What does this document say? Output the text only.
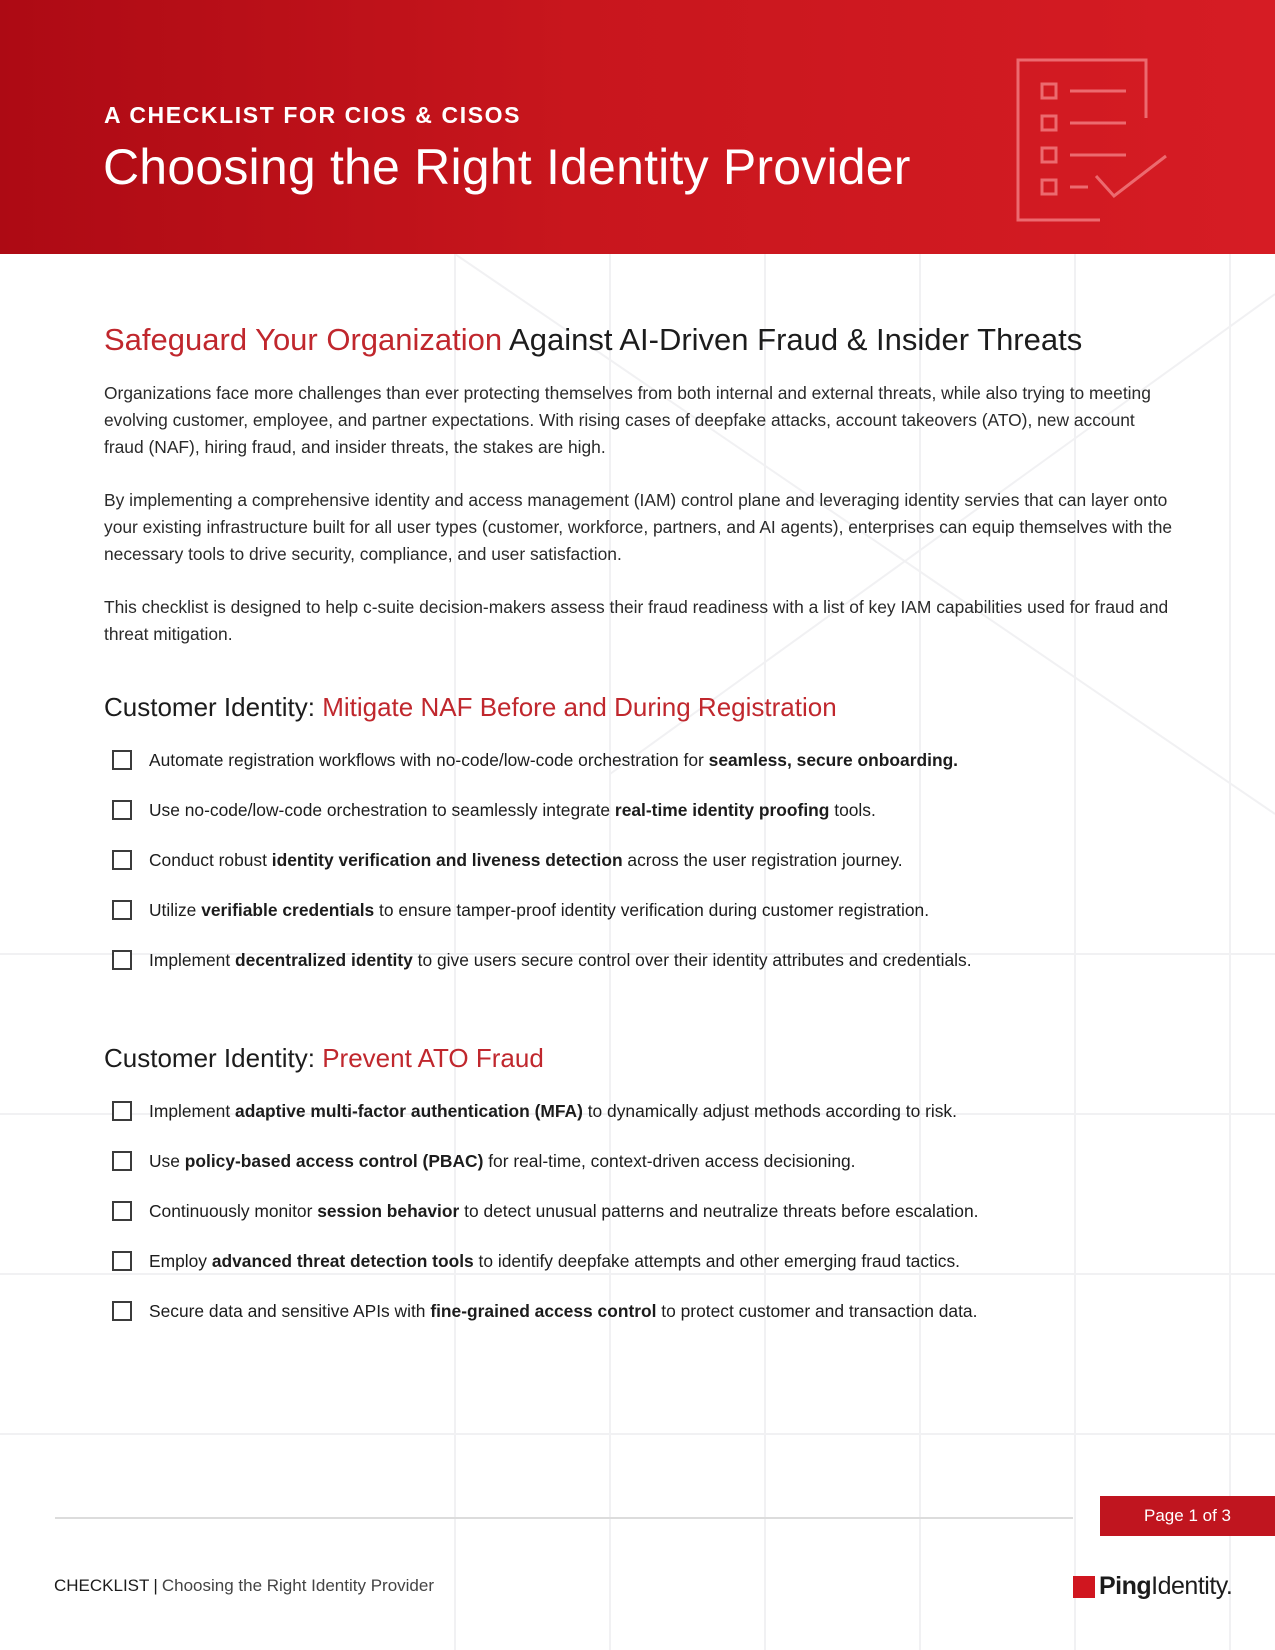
A CHECKLIST FOR CIOS & CISOS
Choosing the Right Identity Provider
Safeguard Your Organization Against AI-Driven Fraud & Insider Threats

Organizations face more challenges than ever protecting themselves from both internal and external threats, while also trying to meeting evolving customer, employee, and partner expectations. With rising cases of deepfake attacks, account takeovers (ATO), new account fraud (NAF), hiring fraud, and insider threats, the stakes are high.

By implementing a comprehensive identity and access management (IAM) control plane and leveraging identity servies that can layer onto your existing infrastructure built for all user types (customer, workforce, partners, and AI agents), enterprises can equip themselves with the necessary tools to drive security, compliance, and user satisfaction.

This checklist is designed to help c-suite decision-makers assess their fraud readiness with a list of key IAM capabilities used for fraud and threat mitigation.

Customer Identity: Mitigate NAF Before and During Registration
Automate registration workflows with no-code/low-code orchestration for seamless, secure onboarding.
Use no-code/low-code orchestration to seamlessly integrate real-time identity proofing tools.
Conduct robust identity verification and liveness detection across the user registration journey.
Utilize verifiable credentials to ensure tamper-proof identity verification during customer registration.
Implement decentralized identity to give users secure control over their identity attributes and credentials.
Customer Identity: Prevent ATO Fraud
Implement adaptive multi-factor authentication (MFA) to dynamically adjust methods according to risk.
Use policy-based access control (PBAC) for real-time, context-driven access decisioning.
Continuously monitor session behavior to detect unusual patterns and neutralize threats before escalation.
Employ advanced threat detection tools to identify deepfake attempts and other emerging fraud tactics.
Secure data and sensitive APIs with fine-grained access control to protect customer and transaction data.
Page 1 of 3
CHECKLIST | Choosing the Right Identity Provider	PingIdentity.
